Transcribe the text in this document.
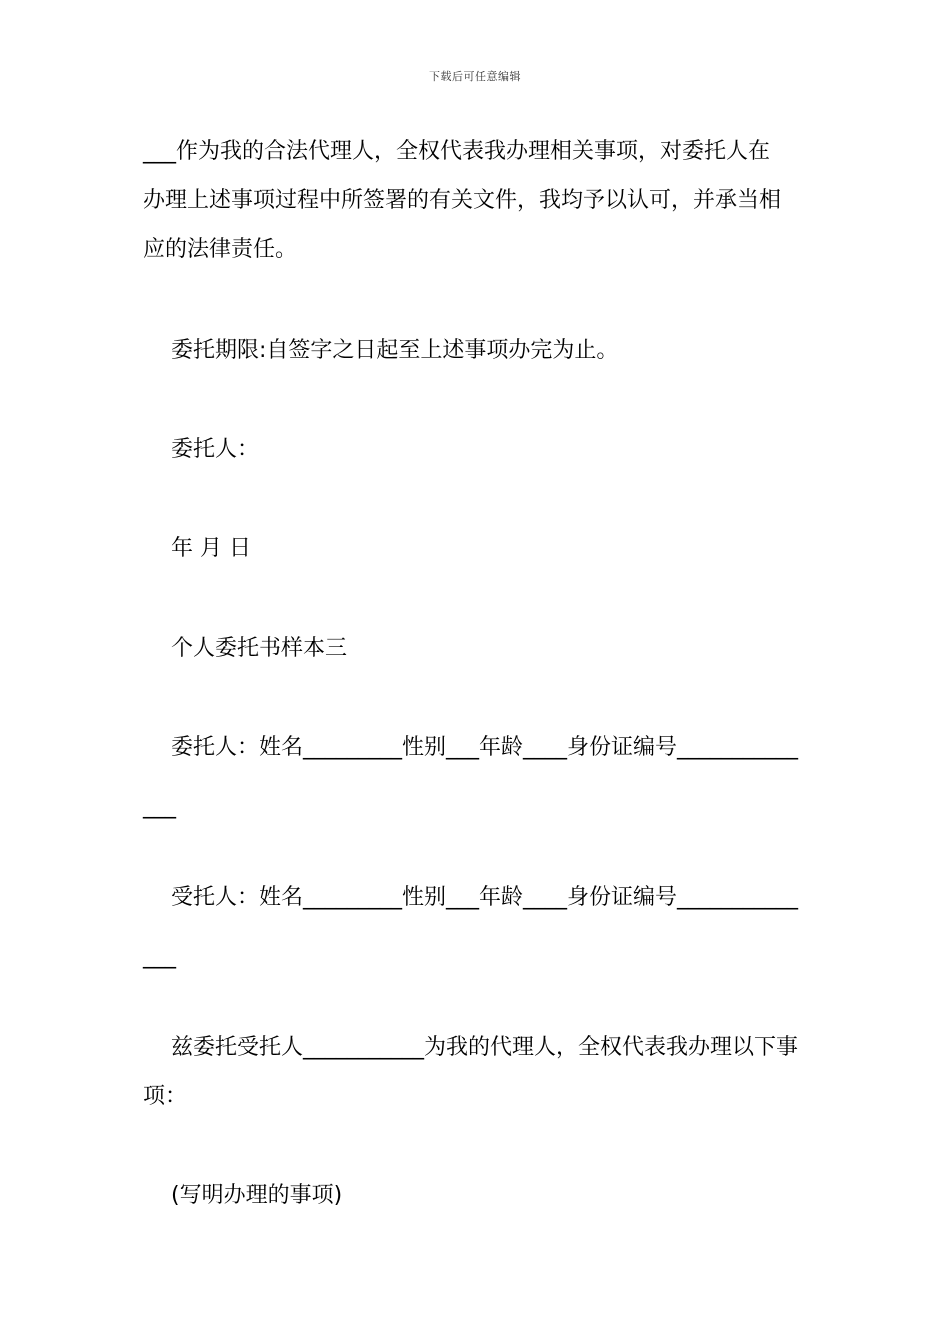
下载后可任意编辑
___作为我的合法代理人，全权代表我办理相关事项，对委托人在
办理上述事项过程中所签署的有关文件，我均予以认可，并承当相
应的法律责任。
委托期限:自签字之日起至上述事项办完为止。
委托人：
年 月 日
个人委托书样本三
委托人：姓名_________性别___年龄____身份证编号___________
___
受托人：姓名_________性别___年龄____身份证编号___________
___
兹委托受托人___________为我的代理人，全权代表我办理以下事
项：
(写明办理的事项)
